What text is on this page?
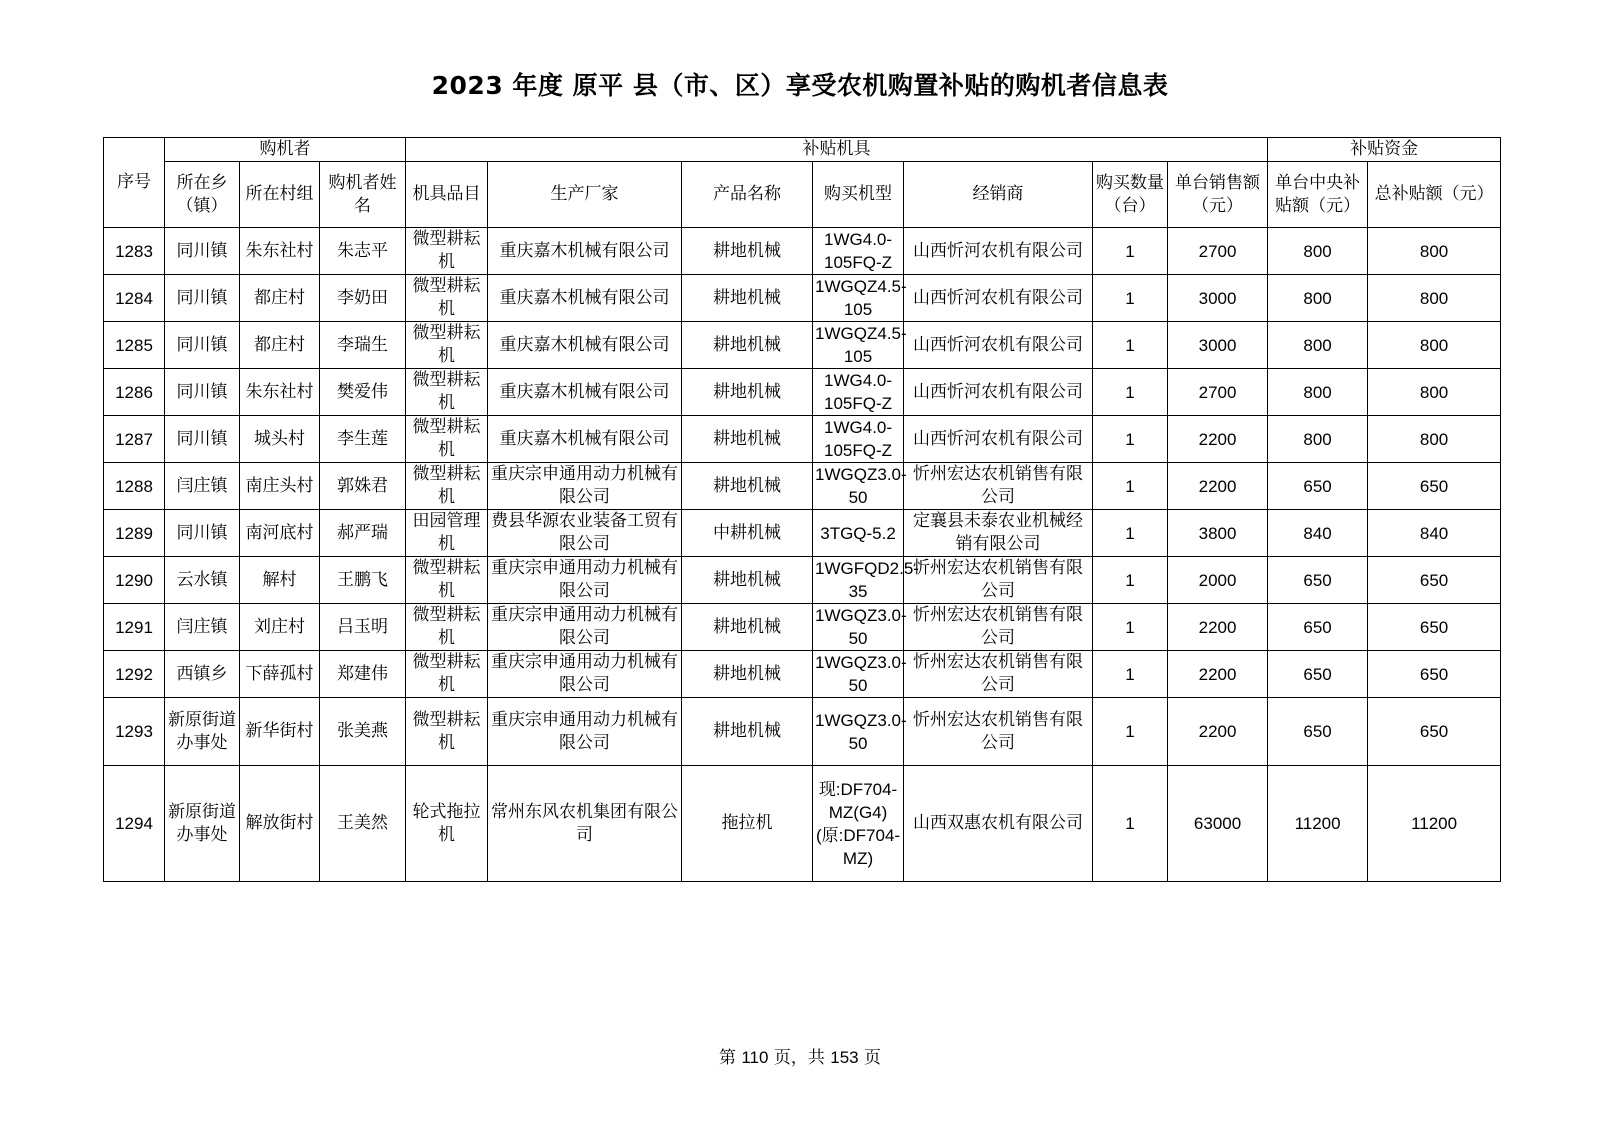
2023 年度 原平 县（市、区）享受农机购置补贴的购机者信息表
序号	购机者			补贴机具							补贴资金	
	所在乡（镇）	所在村组	购机者姓名	机具品目	生产厂家	产品名称	购买机型	经销商	购买数量（台）	单台销售额（元）	单台中央补贴额（元）	总补贴额（元）
1283	同川镇	朱东社村	朱志平	微型耕耘机	重庆嘉木机械有限公司	耕地机械	1WG4.0-105FQ-Z	山西忻河农机有限公司	1	2700	800	800
1284	同川镇	都庄村	李奶田	微型耕耘机	重庆嘉木机械有限公司	耕地机械	1WGQZ4.5-105	山西忻河农机有限公司	1	3000	800	800
1285	同川镇	都庄村	李瑞生	微型耕耘机	重庆嘉木机械有限公司	耕地机械	1WGQZ4.5-105	山西忻河农机有限公司	1	3000	800	800
1286	同川镇	朱东社村	樊爱伟	微型耕耘机	重庆嘉木机械有限公司	耕地机械	1WG4.0-105FQ-Z	山西忻河农机有限公司	1	2700	800	800
1287	同川镇	城头村	李生莲	微型耕耘机	重庆嘉木机械有限公司	耕地机械	1WG4.0-105FQ-Z	山西忻河农机有限公司	1	2200	800	800
1288	闫庄镇	南庄头村	郭姝君	微型耕耘机	重庆宗申通用动力机械有限公司	耕地机械	1WGQZ3.0-50	忻州宏达农机销售有限公司	1	2200	650	650
1289	同川镇	南河底村	郝严瑞	田园管理机	费县华源农业装备工贸有限公司	中耕机械	3TGQ-5.2	定襄县未泰农业机械经销有限公司	1	3800	840	840
1290	云水镇	解村	王鹏飞	微型耕耘机	重庆宗申通用动力机械有限公司	耕地机械	1WGFQD2.5-35	忻州宏达农机销售有限公司	1	2000	650	650
1291	闫庄镇	刘庄村	吕玉明	微型耕耘机	重庆宗申通用动力机械有限公司	耕地机械	1WGQZ3.0-50	忻州宏达农机销售有限公司	1	2200	650	650
1292	西镇乡	下薛孤村	郑建伟	微型耕耘机	重庆宗申通用动力机械有限公司	耕地机械	1WGQZ3.0-50	忻州宏达农机销售有限公司	1	2200	650	650
1293	新原街道办事处	新华街村	张美燕	微型耕耘机	重庆宗申通用动力机械有限公司	耕地机械	1WGQZ3.0-50	忻州宏达农机销售有限公司	1	2200	650	650
1294	新原街道办事处	解放街村	王美然	轮式拖拉机	常州东风农机集团有限公司	拖拉机	现:DF704-MZ(G4)(原:DF704-MZ)	山西双惠农机有限公司	1	63000	11200	11200
第 110 页，共 153 页
